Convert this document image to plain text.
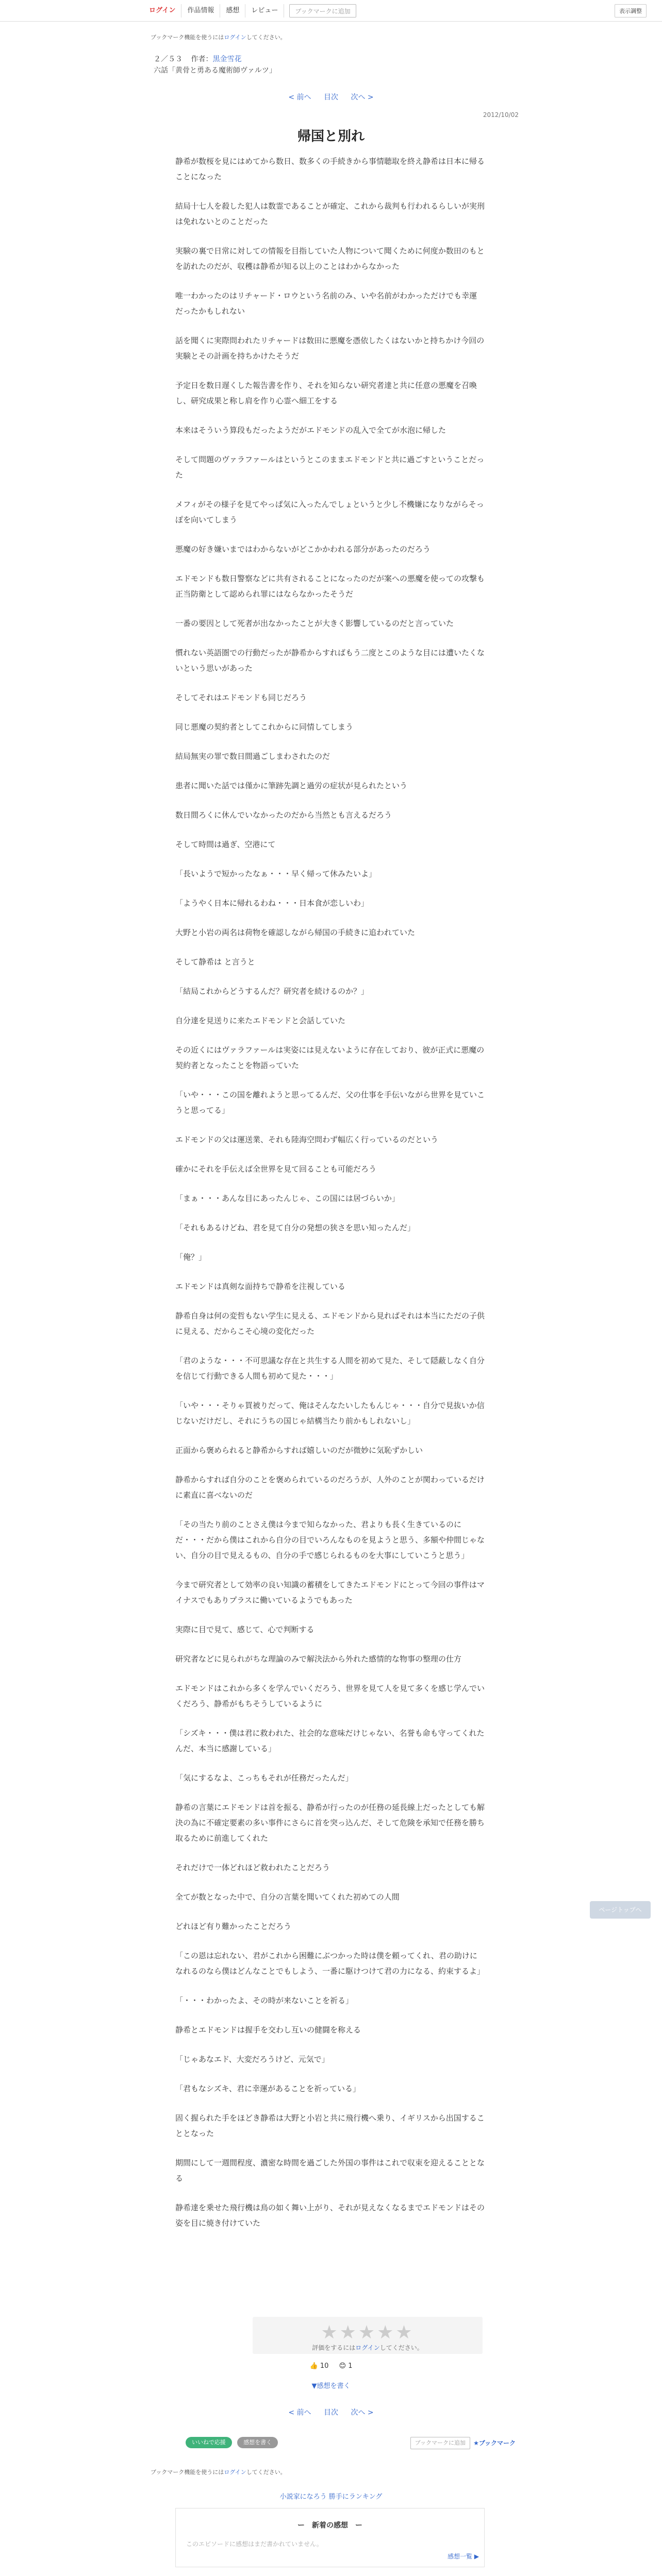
ログイン	作品情報	感想	レビュー	ブックマークに追加	表示調整
ブックマーク機能を使うにはログインしてください。
２／５３ 作者：黒金雪花
六話「黄骨と勇ある魔術師ヴァルツ」
< 前へ 目次 次へ >
2012/10/02
帰国と別れ

静希が数桜を見にはめてから数日、数多くの手続きから事情聴取を終え静希は日本に帰ることになった

結局十七人を殺した犯人は数霊であることが確定、これから裁判も行われるらしいが実刑は免れないとのことだった

実験の裏で日常に対しての情報を目指していた人物について聞くために何度か数田のもとを訪れたのだが、収穫は静希が知る以上のことはわからなかった

唯一わかったのはリチャード・ロウという名前のみ、いや名前がわかっただけでも幸運だったかもしれない

話を聞くに実際問われたリチャードは数田に悪魔を憑依したくはないかと持ちかけ今回の実験とその計画を持ちかけたそうだ

予定日を数日遅くした報告書を作り、それを知らない研究者達と共に任意の悪魔を召喚し、研究成果と称し肩を作り心霊へ細工をする

本来はそういう算段もだったようだがエドモンドの乱入で全てが水泡に帰した

そして問題のヴァラファールはというとこのままエドモンドと共に過ごすということだった

メフィがその様子を見てやっぱ気に入ったんでしょというと少し不機嫌になりながらそっぽを向いてしまう

悪魔の好き嫌いまではわからないがどこかかわれる部分があったのだろう

エドモンドも数日警察などに共有されることになったのだが案への悪魔を使っての攻撃も正当防衛として認められ罪にはならなかったそうだ

一番の要因として死者が出なかったことが大きく影響しているのだと言っていた

慣れない英語圏での行動だったが静希からすればもう二度とこのような目には遭いたくないという思いがあった

そしてそれはエドモンドも同じだろう

同じ悪魔の契約者としてこれからに同情してしまう

結局無実の罪で数日間過ごしまわされたのだ

患者に聞いた話では僅かに筆跡先調と過労の症状が見られたという

数日間ろくに休んでいなかったのだから当然とも言えるだろう

そして時間は過ぎ、空港にて

「長いようで短かったなぁ・・・早く帰って休みたいよ」

「ようやく日本に帰れるわね・・・日本食が恋しいわ」

大野と小岩の両名は荷物を確認しながら帰国の手続きに追われていた

そして静希は と言うと

「結局これからどうするんだ？研究者を続けるのか？」

自分達を見送りに来たエドモンドと会話していた

その近くにはヴァラファールは実姿には見えないように存在しており、彼が正式に悪魔の契約者となったことを物語っていた

「いや・・・この国を離れようと思ってるんだ、父の仕事を手伝いながら世界を見ていこうと思ってる」

エドモンドの父は運送業、それも陸海空問わず幅広く行っているのだという

確かにそれを手伝えば全世界を見て回ることも可能だろう

「まぁ・・・あんな目にあったんじゃ、この国には居づらいか」

「それもあるけどね、君を見て自分の発想の狭さを思い知ったんだ」

「俺？」

エドモンドは真剣な面持ちで静希を注視している

静希自身は何の変哲もない学生に見える、エドモンドから見ればそれは本当にただの子供に見える、だからこそ心境の変化だった

「君のような・・・不可思議な存在と共生する人間を初めて見た、そして隠蔽しなく自分を信じて行動できる人間も初めて見た・・・」

「いや・・・そりゃ買被りだって、俺はそんなたいしたもんじゃ・・・自分で見抜いか信じないだけだし、それにうちの国じゃ結構当たり前かもしれないし」

正面から褒められると静希からすれば嬉しいのだが微妙に気恥ずかしい

静希からすれば自分のことを褒められているのだろうが、人外のことが関わっているだけに素直に喜べないのだ

「その当たり前のことさえ僕は今まで知らなかった、君よりも長く生きているのにだ・・・だから僕はこれから自分の目でいろんなものを見ようと思う、多額や仲間じゃない、自分の目で見えるもの、自分の手で感じられるものを大事にしていこうと思う」

今まで研究者として効率の良い知識の蓄積をしてきたエドモンドにとって今回の事件はマイナスでもありプラスに働いているようでもあった

実際に目で見て、感じて、心で判断する

研究者などに見られがちな理論のみで解決法から外れた感情的な物事の整理の仕方

エドモンドはこれから多くを学んでいくだろう、世界を見て人を見て多くを感じ学んでいくだろう、静希がもちそうしているように

「シズキ・・・僕は君に救われた、社会的な意味だけじゃない、名誉も命も守ってくれたんだ、本当に感謝している」

「気にするなよ、こっちもそれが任務だったんだ」

静希の言葉にエドモンドは首を振る、静希が行ったのが任務の延長線上だったとしても解決の為に不確定要素の多い事件にさらに首を突っ込んだ、そして危険を承知で任務を勝ち取るために前進してくれた

それだけで一体どれほど救われたことだろう

全てが数となった中で、自分の言葉を聞いてくれた初めての人間

どれほど有り難かったことだろう

「この恩は忘れない、君がこれから困難にぶつかった時は僕を頼ってくれ、君の助けになれるのなら僕はどんなことでもしよう、一番に駆けつけて君の力になる、約束するよ」

「・・・わかったよ、その時が来ないことを祈る」

静希とエドモンドは握手を交わし互いの健闘を称える

「じゃあなエド、大変だろうけど、元気で」

「君もなシズキ、君に幸運があることを祈っている」

固く握られた手をほどき静希は大野と小岩と共に飛行機へ乗り、イギリスから出国することとなった

期間にして一週間程度、濃密な時間を過ごした外国の事件はこれで収束を迎えることとなる

静希達を乗せた飛行機は鳥の如く舞い上がり、それが見えなくなるまでエドモンドはその姿を目に焼き付けていた

★★★★★
評価をするにはログインしてください。
👍 10 😊 1
▼感想を書く
< 前へ 目次 次へ >
いいねで応援	感想を書く	ブックマークに追加	★ブックマーク
ブックマーク機能を使うにはログインしてください。
小説家になろう 勝手にランキング
ー　新着の感想　ー
このエピソードに感想はまだ書かれていません。
感想一覧 ▶
ページトップへ
